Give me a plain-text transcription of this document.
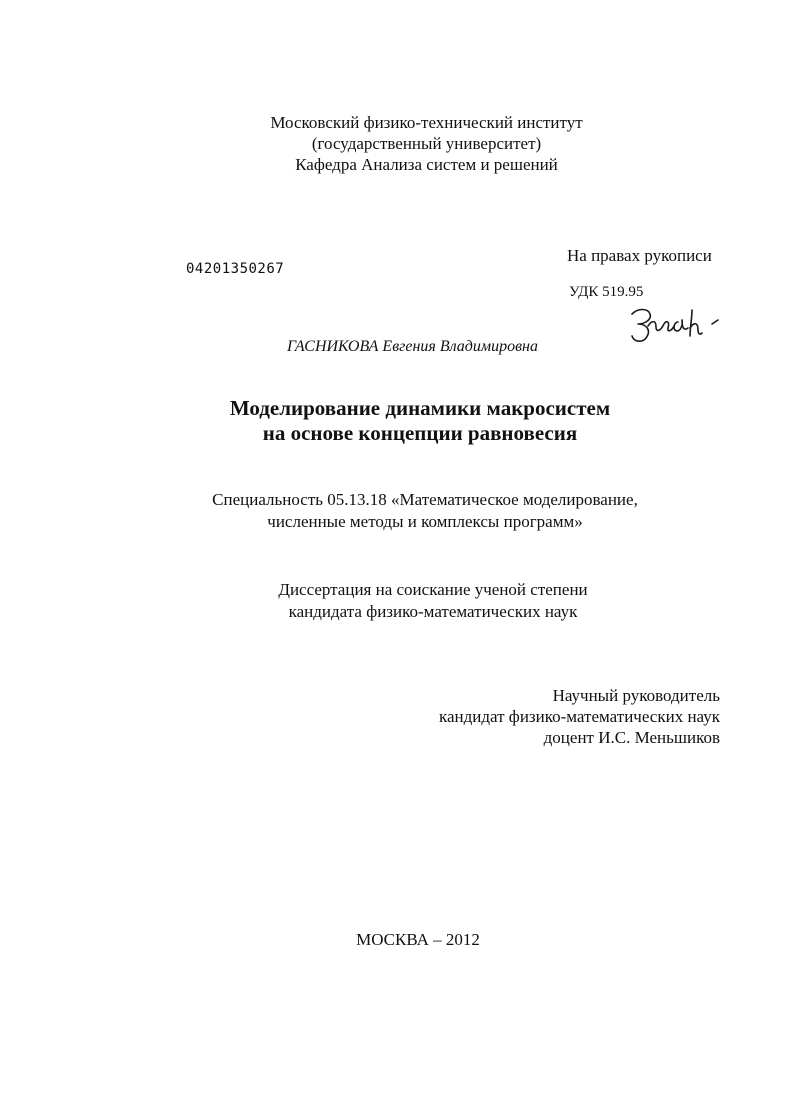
Московский физико-технический институт
(государственный университет)
Кафедра Анализа систем и решений
04201350267
На правах рукописи
УДК 519.95
ГАСНИКОВА Евгения Владимировна
Моделирование динамики макросистем
на основе концепции равновесия
Специальность 05.13.18 «Математическое моделирование,
численные методы и комплексы программ»
Диссертация на соискание ученой степени
кандидата физико-математических наук
Научный руководитель
кандидат физико-математических наук
доцент И.С. Меньшиков
МОСКВА – 2012
